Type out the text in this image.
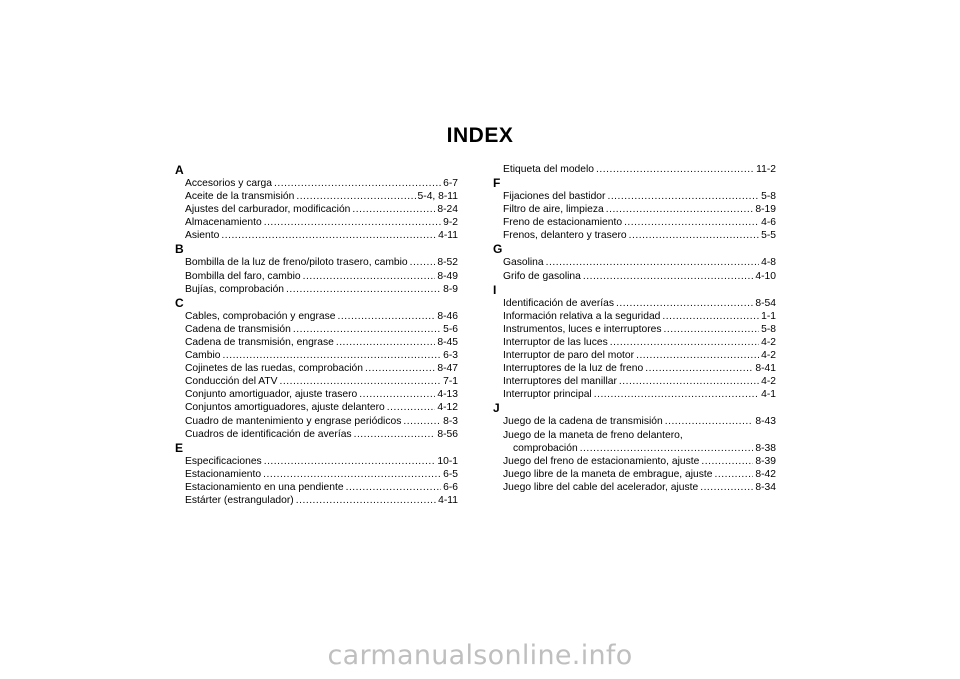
INDEX
A
Accesorios y carga .....	6-7
Aceite de la transmisión .....	5-4, 8-11
Ajustes del carburador, modificación .....	8-24
Almacenamiento .....	9-2
Asiento .....	4-11
B
Bombilla de la luz de freno/piloto trasero, cambio .....	8-52
Bombilla del faro, cambio .....	8-49
Bujías, comprobación .....	8-9
C
Cables, comprobación y engrase .....	8-46
Cadena de transmisión .....	5-6
Cadena de transmisión, engrase .....	8-45
Cambio .....	6-3
Cojinetes de las ruedas, comprobación .....	8-47
Conducción del ATV .....	7-1
Conjunto amortiguador, ajuste trasero .....	4-13
Conjuntos amortiguadores, ajuste delantero .....	4-12
Cuadro de mantenimiento y engrase periódicos .....	8-3
Cuadros de identificación de averías .....	8-56
E
Especificaciones .....	10-1
Estacionamiento .....	6-5
Estacionamiento en una pendiente .....	6-6
Estárter (estrangulador) .....	4-11
Etiqueta del modelo .....	11-2
F
Fijaciones del bastidor .....	5-8
Filtro de aire, limpieza .....	8-19
Freno de estacionamiento .....	4-6
Frenos, delantero y trasero .....	5-5
G
Gasolina .....	4-8
Grifo de gasolina .....	4-10
I
Identificación de averías .....	8-54
Información relativa a la seguridad .....	1-1
Instrumentos, luces e interruptores .....	5-8
Interruptor de las luces .....	4-2
Interruptor de paro del motor .....	4-2
Interruptores de la luz de freno .....	8-41
Interruptores del manillar .....	4-2
Interruptor principal .....	4-1
J
Juego de la cadena de transmisión .....	8-43
Juego de la maneta de freno delantero,
comprobación .....	8-38
Juego del freno de estacionamiento, ajuste .....	8-39
Juego libre de la maneta de embrague, ajuste .....	8-42
Juego libre del cable del acelerador, ajuste .....	8-34
carmanualsonline.info
